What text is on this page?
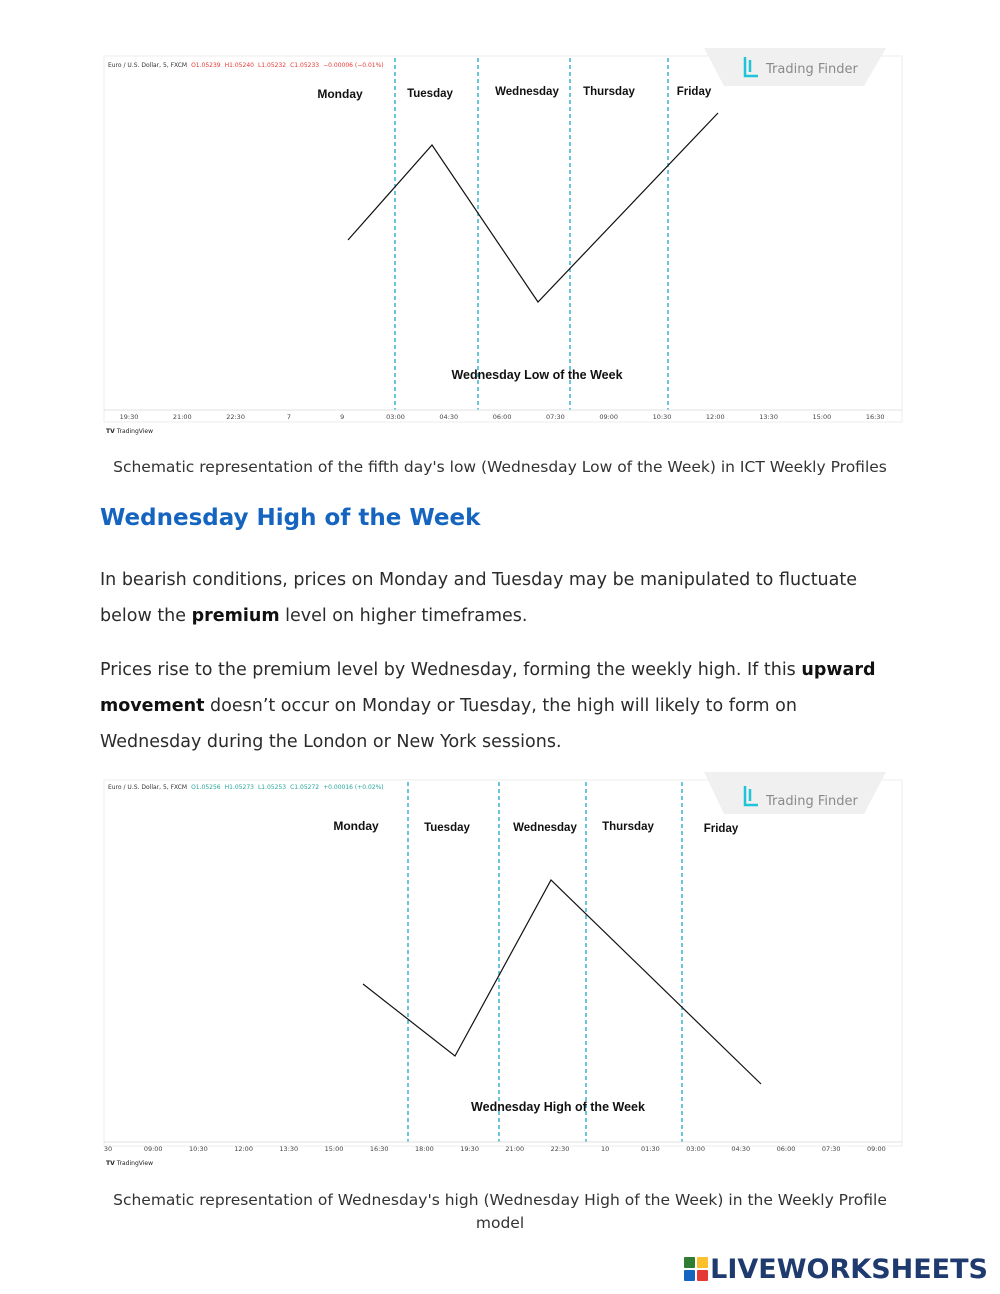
Euro / U.S. Dollar, 5, FXCM O1.05239 H1.05240 L1.05232 C1.05233 −0.00006 (−0.01%)	Trading Finder
Monday	Tuesday	Wednesday Thursday	Friday
Wednesday Low of the Week
19:30	21:00	22:30	7	9	03:00	04:30	06:00	07:30	09:00	10:30	12:00	13:30	15:00	16:30
TV TradingView
Schematic representation of the fifth day's low (Wednesday Low of the Week) in ICT Weekly Profiles
Wednesday High of the Week

In bearish conditions, prices on Monday and Tuesday may be manipulated to fluctuate below the premium level on higher timeframes.

Prices rise to the premium level by Wednesday, forming the weekly high. If this upward movement doesn’t occur on Monday or Tuesday, the high will likely to form on Wednesday during the London or New York sessions.

Euro / U.S. Dollar, 5, FXCM O1.05256 H1.05273 L1.05253 C1.05272 +0.00016 (+0.02%)
Trading Finder
Monday	Tuesday	Wednesday Thursday	Friday
Wednesday High of the Week
30	09:00	10:30	12:00	13:30	15:00	16:30	18:00	19:30	21:00	22:30	10	01:30	03:00	04:30	06:00	07:30	09:00
TV TradingView
Schematic representation of Wednesday's high (Wednesday High of the Week) in the Weekly Profile model
LIVEWORKSHEETS
